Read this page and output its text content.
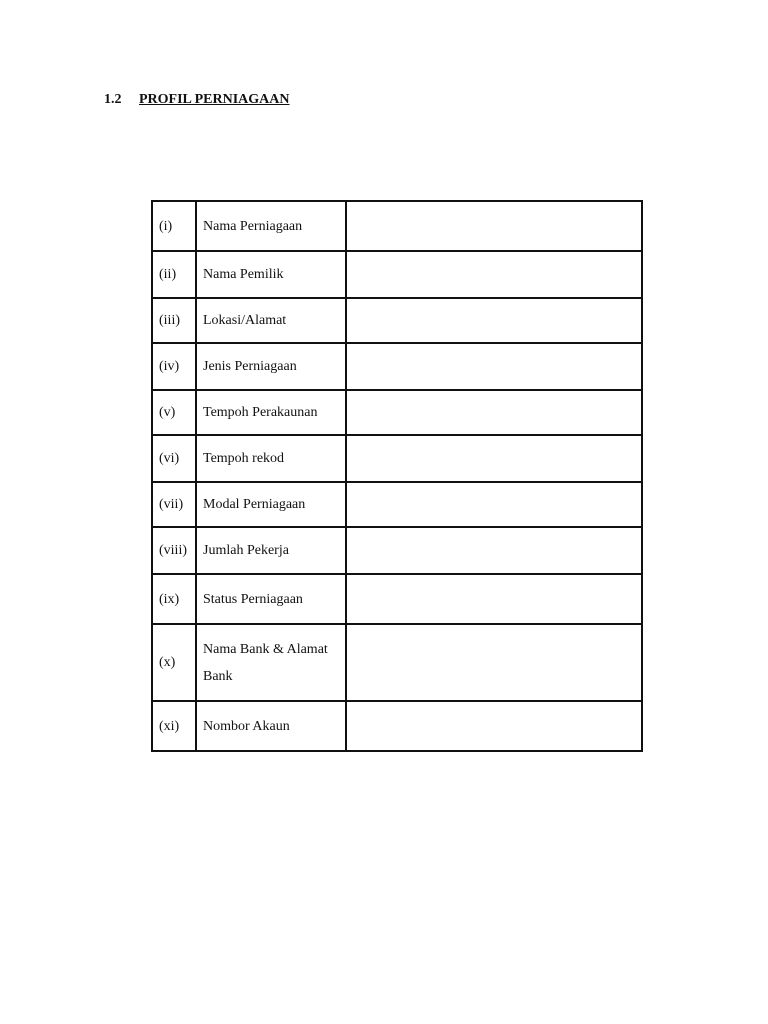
1.2 PROFIL PERNIAGAAN
(i)	Nama Perniagaan	
(ii)	Nama Pemilik	
(iii)	Lokasi/Alamat	
(iv)	Jenis Perniagaan	
(v)	Tempoh Perakaunan	
(vi)	Tempoh rekod	
(vii)	Modal Perniagaan	
(viii)	Jumlah Pekerja	
(ix)	Status Perniagaan	
(x)	Nama Bank & Alamat Bank	
(xi)	Nombor Akaun	
